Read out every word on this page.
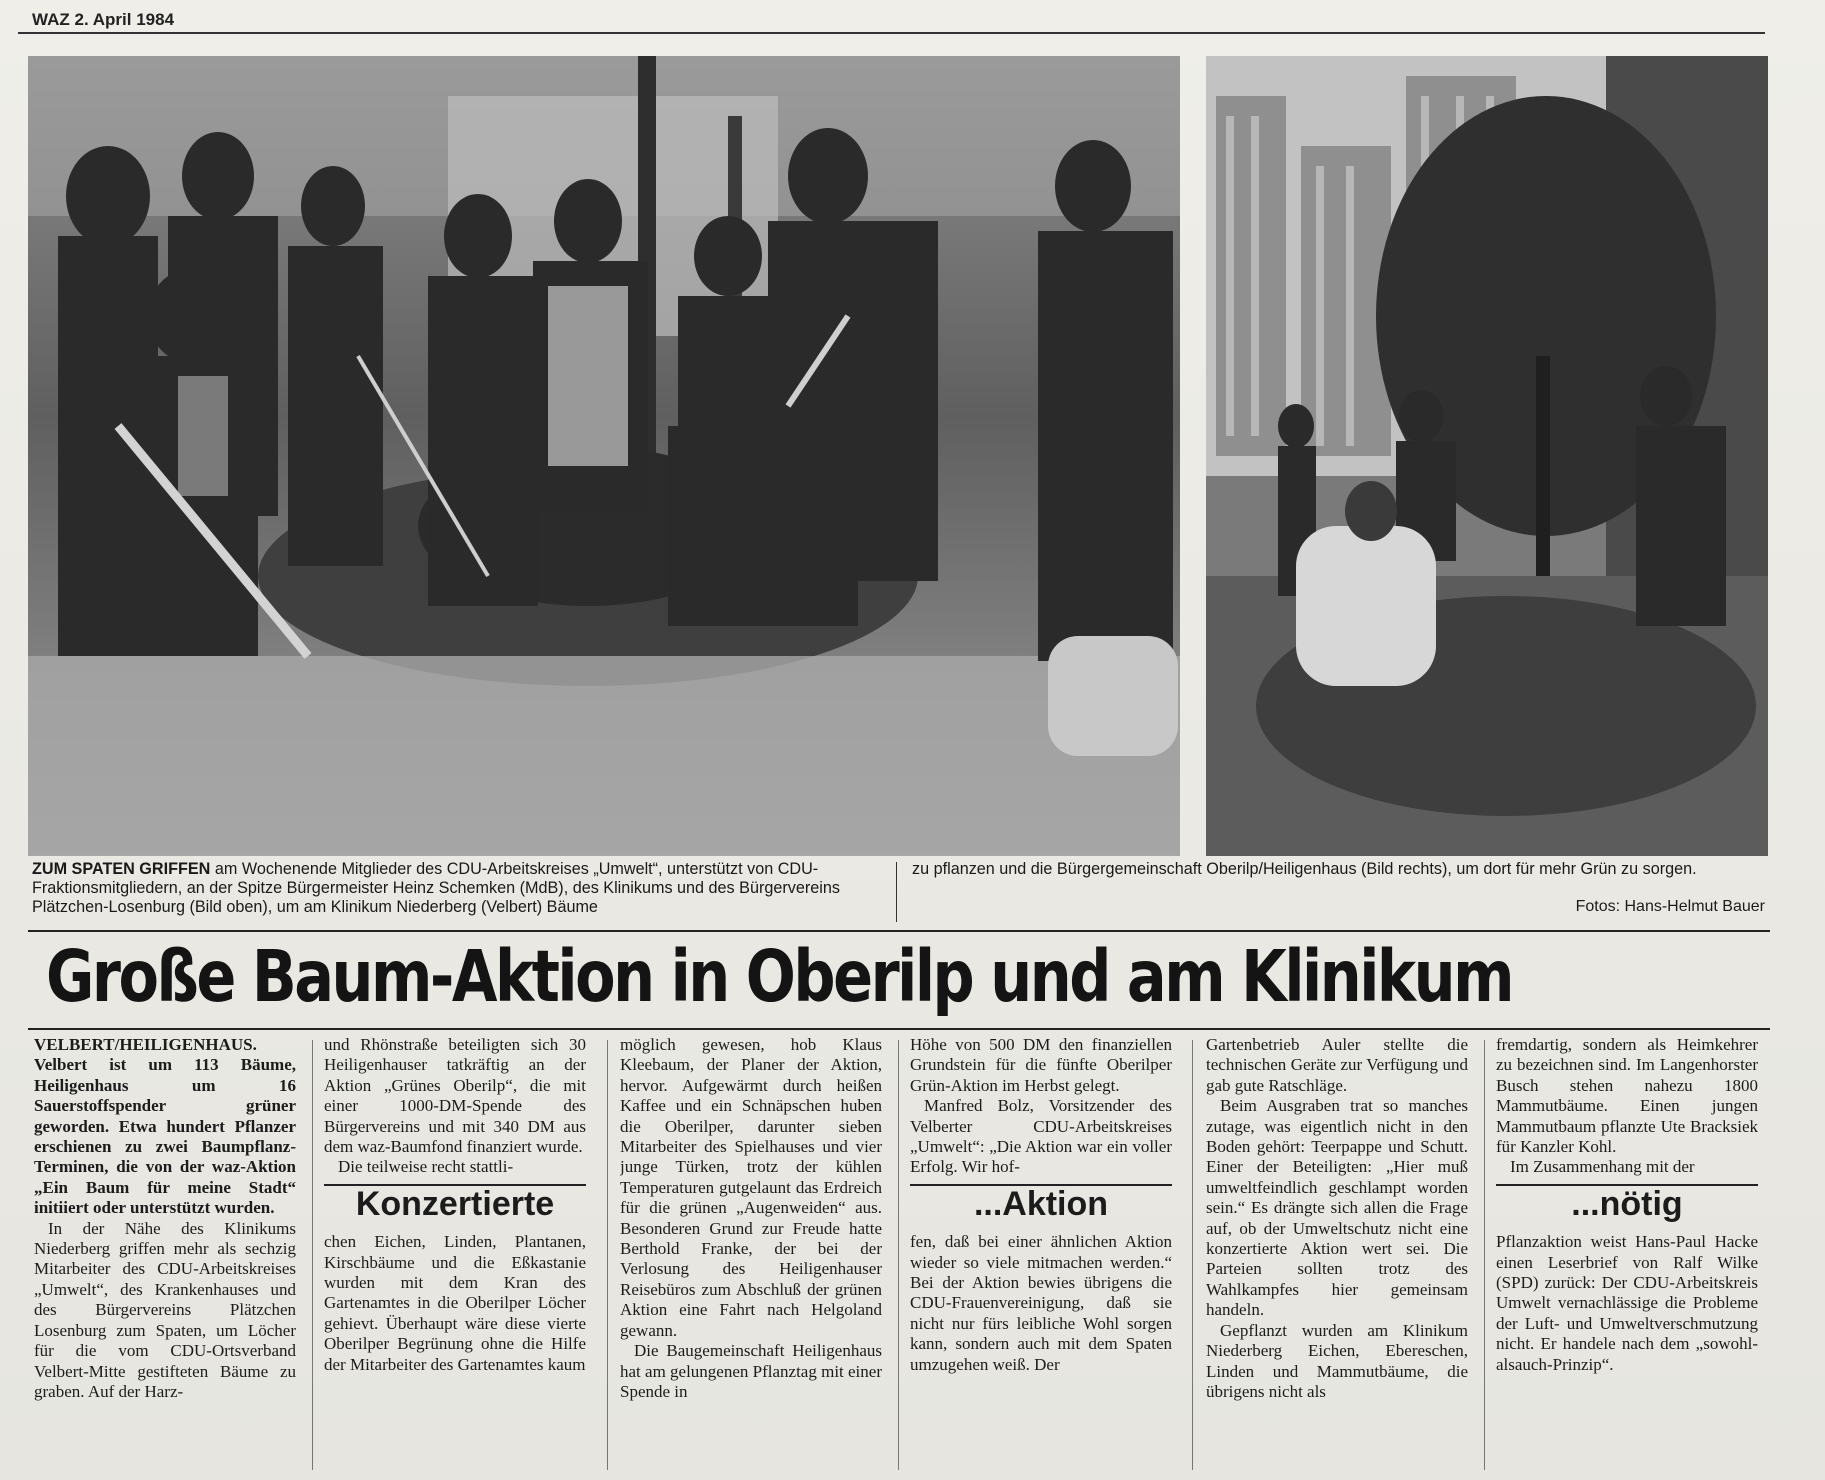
WAZ 2. April 1984
ZUM SPATEN GRIFFEN am Wochenende Mitglieder des CDU-Arbeitskreises „Umwelt“, unterstützt von CDU-Fraktionsmitgliedern, an der Spitze Bürgermeister Heinz Schemken (MdB), des Klinikums und des Bürgervereins Plätzchen-Losenburg (Bild oben), um am Klinikum Niederberg (Velbert) Bäume
zu pflanzen und die Bürgergemeinschaft Oberilp/Heiligenhaus (Bild rechts), um dort für mehr Grün zu sorgen.
Fotos: Hans-Helmut Bauer
Große Baum-Aktion in Oberilp und am Klinikum

VELBERT/HEILIGENHAUS. Velbert ist um 113 Bäume, Heiligenhaus um 16 Sauerstoffspender grüner geworden. Etwa hundert Pflanzer erschienen zu zwei Baumpflanz-Terminen, die von der waz-Aktion „Ein Baum für meine Stadt“ initiiert oder unterstützt wurden.

In der Nähe des Klinikums Niederberg griffen mehr als sechzig Mitarbeiter des CDU-Arbeitskreises „Umwelt“, des Krankenhauses und des Bürgervereins Plätzchen Losenburg zum Spaten, um Löcher für die vom CDU-Ortsverband Velbert-Mitte gestifteten Bäume zu graben. Auf der Harz-

und Rhönstraße beteiligten sich 30 Heiligenhauser tatkräftig an der Aktion „Grünes Oberilp“, die mit einer 1000-DM-Spende des Bürgervereins und mit 340 DM aus dem waz-Baumfond finanziert wurde.

Die teilweise recht stattli-

Konzertierte

chen Eichen, Linden, Plantanen, Kirschbäume und die Eßkastanie wurden mit dem Kran des Gartenamtes in die Oberilper Löcher gehievt. Überhaupt wäre diese vierte Oberilper Begrünung ohne die Hilfe der Mitarbeiter des Gartenamtes kaum

möglich gewesen, hob Klaus Kleebaum, der Planer der Aktion, hervor. Aufgewärmt durch heißen Kaffee und ein Schnäpschen huben die Oberilper, darunter sieben Mitarbeiter des Spielhauses und vier junge Türken, trotz der kühlen Temperaturen gutgelaunt das Erdreich für die grünen „Augenweiden“ aus. Besonderen Grund zur Freude hatte Berthold Franke, der bei der Verlosung des Heiligenhauser Reisebüros zum Abschluß der grünen Aktion eine Fahrt nach Helgoland gewann.

Die Baugemeinschaft Heiligenhaus hat am gelungenen Pflanztag mit einer Spende in

Höhe von 500 DM den finanziellen Grundstein für die fünfte Oberilper Grün-Aktion im Herbst gelegt.

Manfred Bolz, Vorsitzender des Velberter CDU-Arbeitskreises „Umwelt“: „Die Aktion war ein voller Erfolg. Wir hof-

...Aktion

fen, daß bei einer ähnlichen Aktion wieder so viele mitmachen werden.“ Bei der Aktion bewies übrigens die CDU-Frauenvereinigung, daß sie nicht nur fürs leibliche Wohl sorgen kann, sondern auch mit dem Spaten umzugehen weiß. Der

Gartenbetrieb Auler stellte die technischen Geräte zur Verfügung und gab gute Ratschläge.

Beim Ausgraben trat so manches zutage, was eigentlich nicht in den Boden gehört: Teerpappe und Schutt. Einer der Beteiligten: „Hier muß umweltfeindlich geschlampt worden sein.“ Es drängte sich allen die Frage auf, ob der Umweltschutz nicht eine konzertierte Aktion wert sei. Die Parteien sollten trotz des Wahlkampfes hier gemeinsam handeln.

Gepflanzt wurden am Klinikum Niederberg Eichen, Ebereschen, Linden und Mammutbäume, die übrigens nicht als

fremdartig, sondern als Heimkehrer zu bezeichnen sind. Im Langenhorster Busch stehen nahezu 1800 Mammutbäume. Einen jungen Mammutbaum pflanzte Ute Bracksiek für Kanzler Kohl.

Im Zusammenhang mit der

...nötig

Pflanzaktion weist Hans-Paul Hacke einen Leserbrief von Ralf Wilke (SPD) zurück: Der CDU-Arbeitskreis Umwelt vernachlässige die Probleme der Luft- und Umweltverschmutzung nicht. Er handele nach dem „sowohl-alsauch-Prinzip“.
